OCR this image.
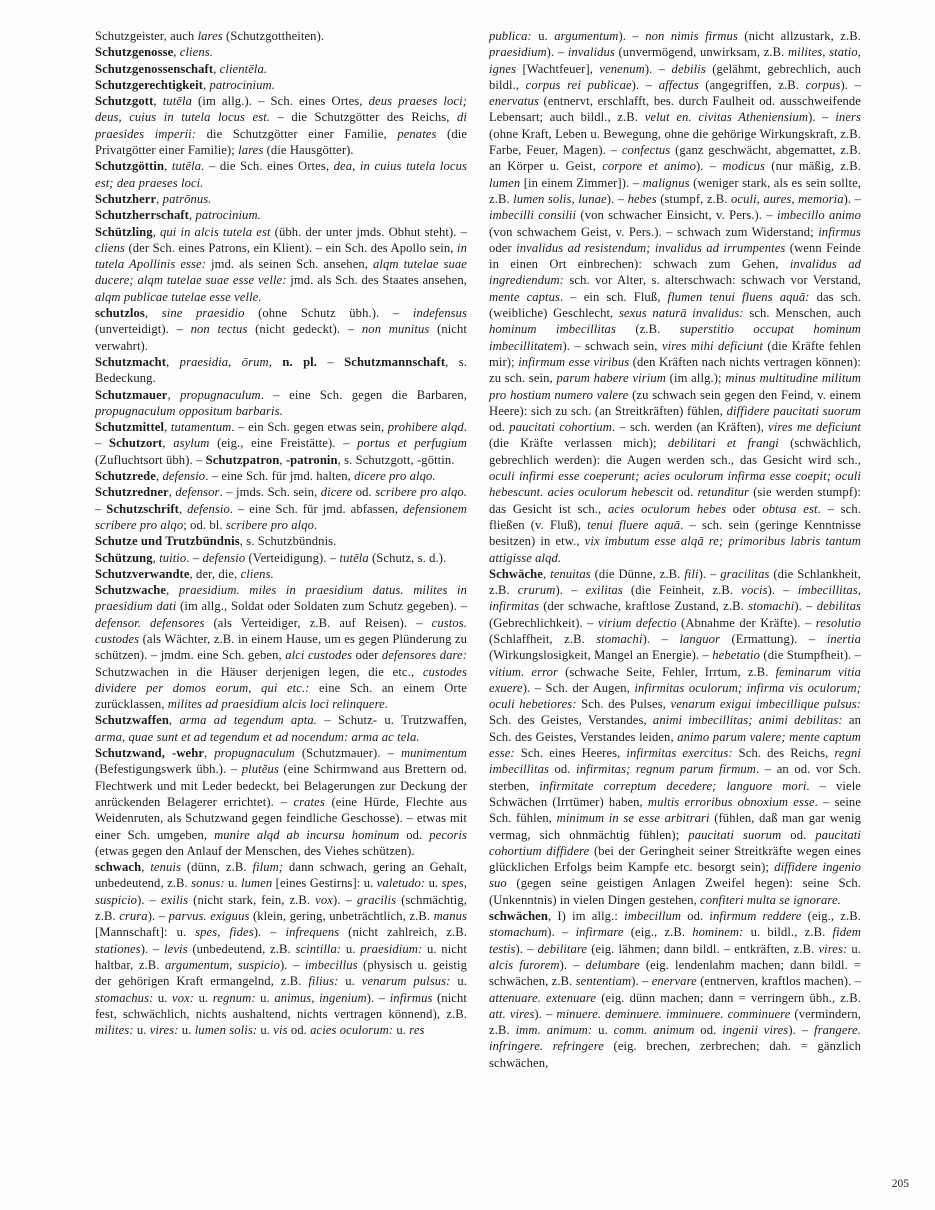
Schutzgeister, auch lares (Schutzgottheiten).

Schutzgenosse, cliens.

Schutzgenossenschaft, clientēla.

Schutzgerechtigkeit, patrocinium.

Schutzgott, tutēla (im allg.). – Sch. eines Ortes, deus praeses loci; deus, cuius in tutela locus est. – die Schutzgötter des Reichs, di praesides imperii: die Schutzgötter einer Familie, penates (die Privatgötter einer Familie); lares (die Hausgötter).

Schutzgöttin, tutēla. – die Sch. eines Ortes, dea, in cuius tutela locus est; dea praeses loci.

Schutzherr, patrōnus.

Schutzherrschaft, patrocinium.

Schützling, qui in alcis tutela est (übh. der unter jmds. Obhut steht). – cliens (der Sch. eines Patrons, ein Klient). – ein Sch. des Apollo sein, in tutela Apollinis esse: jmd. als seinen Sch. ansehen, alqm tutelae suae ducere; alqm tutelae suae esse velle: jmd. als Sch. des Staates ansehen, alqm publicae tutelae esse velle.

schutzlos, sine praesidio (ohne Schutz übh.). – indefensus (unverteidigt). – non tectus (nicht gedeckt). – non munitus (nicht verwahrt).

Schutzmacht, praesidia, ōrum, n. pl. – Schutzmannschaft, s. Bedeckung.

Schutzmauer, propugnaculum. – eine Sch. gegen die Barbaren, propugnaculum oppositum barbaris.

Schutzmittel, tutamentum. – ein Sch. gegen etwas sein, prohibere alqd. – Schutzort, asylum (eig., eine Freistätte). – portus et perfugium (Zufluchtsort übh). – Schutzpatron, -patronin, s. Schutzgott, -göttin.

Schutzrede, defensio. – eine Sch. für jmd. halten, dicere pro alqo.

Schutzredner, defensor. – jmds. Sch. sein, dicere od. scribere pro alqo. – Schutzschrift, defensio. – eine Sch. für jmd. abfassen, defensionem scribere pro alqo; od. bl. scribere pro alqo.

Schutze und Trutzbündnis, s. Schutzbündnis.

Schützung, tuitio. – defensio (Verteidigung). – tutēla (Schutz, s. d.).

Schutzverwandte, der, die, cliens.

Schutzwache, praesidium. miles in praesidium datus. milites in praesidium dati (im allg., Soldat oder Soldaten zum Schutz gegeben). – defensor. defensores (als Verteidiger, z.B. auf Reisen). – custos. custodes (als Wächter, z.B. in einem Hause, um es gegen Plünderung zu schützen). – jmdm. eine Sch. geben, alci custodes oder defensores dare: Schutzwachen in die Häuser derjenigen legen, die etc., custodes dividere per domos eorum, qui etc.: eine Sch. an einem Orte zurücklassen, milites ad praesidium alcis loci relinquere.

Schutzwaffen, arma ad tegendum apta. – Schutz- u. Trutzwaffen, arma, quae sunt et ad tegendum et ad nocendum: arma ac tela.

Schutzwand, -wehr, propugnaculum (Schutzmauer). – munimentum (Befestigungswerk übh.). – plutĕus (eine Schirmwand aus Brettern od. Flechtwerk und mit Leder bedeckt, bei Belagerungen zur Deckung der anrückenden Belagerer errichtet). – crates (eine Hürde, Flechte aus Weidenruten, als Schutzwand gegen feindliche Geschosse). – etwas mit einer Sch. umgeben, munire alqd ab incursu hominum od. pecoris (etwas gegen den Anlauf der Menschen, des Viehes schützen).

schwach, tenuis (dünn, z.B. filum; dann schwach, gering an Gehalt, unbedeutend, z.B. sonus: u. lumen [eines Gestirns]: u. valetudo: u. spes, suspicio). – exilis (nicht stark, fein, z.B. vox). – gracilis (schmächtig, z.B. crura). – parvus. exiguus (klein, gering, unbeträchtlich, z.B. manus [Mannschaft]: u. spes, fides). – infrequens (nicht zahlreich, z.B. stationes). – levis (unbedeutend, z.B. scintilla: u. praesidium: u. nicht haltbar, z.B. argumentum, suspicio). – imbecillus (physisch u. geistig der gehörigen Kraft ermangelnd, z.B. filius: u. venarum pulsus: u. stomachus: u. vox: u. regnum: u. animus, ingenium). – infirmus (nicht fest, schwächlich, nichts aushaltend, nichts vertragen könnend), z.B. milites: u. vires: u. lumen solis: u. vis od. acies oculorum: u. res

publica: u. argumentum). – non nimis firmus (nicht allzustark, z.B. praesidium). – invalidus (unvermögend, unwirksam, z.B. milites, statio, ignes [Wachtfeuer], venenum). – debilis (gelähmt, gebrechlich, auch bildl., corpus rei publicae). – affectus (angegriffen, z.B. corpus). – enervatus (entnervt, erschlafft, bes. durch Faulheit od. ausschweifende Lebensart; auch bildl., z.B. velut en. civitas Atheniensium). – iners (ohne Kraft, Leben u. Bewegung, ohne die gehörige Wirkungskraft, z.B. Farbe, Feuer, Magen). – confectus (ganz geschwächt, abgemattet, z.B. an Körper u. Geist, corpore et animo). – modicus (nur mäßig, z.B. lumen [in einem Zimmer]). – malignus (weniger stark, als es sein sollte, z.B. lumen solis, lunae). – hebes (stumpf, z.B. oculi, aures, memoria). – imbecilli consilii (von schwacher Einsicht, v. Pers.). – imbecillo animo (von schwachem Geist, v. Pers.). – schwach zum Widerstand; infirmus oder invalidus ad resistendum; invalidus ad irrumpentes (wenn Feinde in einen Ort einbrechen): schwach zum Gehen, invalidus ad ingrediendum: sch. vor Alter, s. alterschwach: schwach vor Verstand, mente captus. – ein sch. Fluß, flumen tenui fluens aquā: das sch. (weibliche) Geschlecht, sexus naturā invalidus: sch. Menschen, auch hominum imbecillitas (z.B. superstitio occupat hominum imbecillitatem). – schwach sein, vires mihi deficiunt (die Kräfte fehlen mir); infirmum esse viribus (den Kräften nach nichts vertragen können): zu sch. sein, parum habere virium (im allg.); minus multitudine militum pro hostium numero valere (zu schwach sein gegen den Feind, v. einem Heere): sich zu sch. (an Streitkräften) fühlen, diffidere paucitati suorum od. paucitati cohortium. – sch. werden (an Kräften), vires me deficiunt (die Kräfte verlassen mich); debilitari et frangi (schwächlich, gebrechlich werden): die Augen werden sch., das Gesicht wird sch., oculi infirmi esse coeperunt; acies oculorum infirma esse coepit; oculi hebescunt. acies oculorum hebescit od. retunditur (sie werden stumpf): das Gesicht ist sch., acies oculorum hebes oder obtusa est. – sch. fließen (v. Fluß), tenui fluere aquā. – sch. sein (geringe Kenntnisse besitzen) in etw., vix imbutum esse alqā re; primoribus labris tantum attigisse alqd.

Schwäche, tenuitas (die Dünne, z.B. fili). – gracilitas (die Schlankheit, z.B. crurum). – exilitas (die Feinheit, z.B. vocis). – imbecillitas, infirmitas (der schwache, kraftlose Zustand, z.B. stomachi). – debilitas (Gebrechlichkeit). – virium defectio (Abnahme der Kräfte). – resolutio (Schlaffheit, z.B. stomachi). – languor (Ermattung). – inertia (Wirkungslosigkeit, Mangel an Energie). – hebetatio (die Stumpfheit). – vitium. error (schwache Seite, Fehler, Irrtum, z.B. feminarum vitia exuere). – Sch. der Augen, infirmitas oculorum; infirma vis oculorum; oculi hebetiores: Sch. des Pulses, venarum exigui imbecillique pulsus: Sch. des Geistes, Verstandes, animi imbecillitas; animi debilitas: an Sch. des Geistes, Verstandes leiden, animo parum valere; mente captum esse: Sch. eines Heeres, infirmitas exercitus: Sch. des Reichs, regni imbecillitas od. infirmitas; regnum parum firmum. – an od. vor Sch. sterben, infirmitate correptum decedere; languore mori. – viele Schwächen (Irrtümer) haben, multis erroribus obnoxium esse. – seine Sch. fühlen, minimum in se esse arbitrari (fühlen, daß man gar wenig vermag, sich ohnmächtig fühlen); paucitati suorum od. paucitati cohortium diffidere (bei der Geringheit seiner Streitkräfte wegen eines glücklichen Erfolgs beim Kampfe etc. besorgt sein); diffidere ingenio suo (gegen seine geistigen Anlagen Zweifel hegen): seine Sch. (Unkenntnis) in vielen Dingen gestehen, confiteri multa se ignorare.

schwächen, I) im allg.: imbecillum od. infirmum reddere (eig., z.B. stomachum). – infirmare (eig., z.B. hominem: u. bildl., z.B. fidem testis). – debilitare (eig. lähmen; dann bildl. – entkräften, z.B. vires: u. alcis furorem). – delumbare (eig. lendenlahm machen; dann bildl. = schwächen, z.B. sententiam). – enervare (entnerven, kraftlos machen). – attenuare. extenuare (eig. dünn machen; dann = verringern übh., z.B. att. vires). – minuere. deminuere. imminuere. comminuere (vermindern, z.B. imm. animum: u. comm. animum od. ingenii vires). – frangere. infringere. refringere (eig. brechen, zerbrechen; dah. = gänzlich schwächen,

205
